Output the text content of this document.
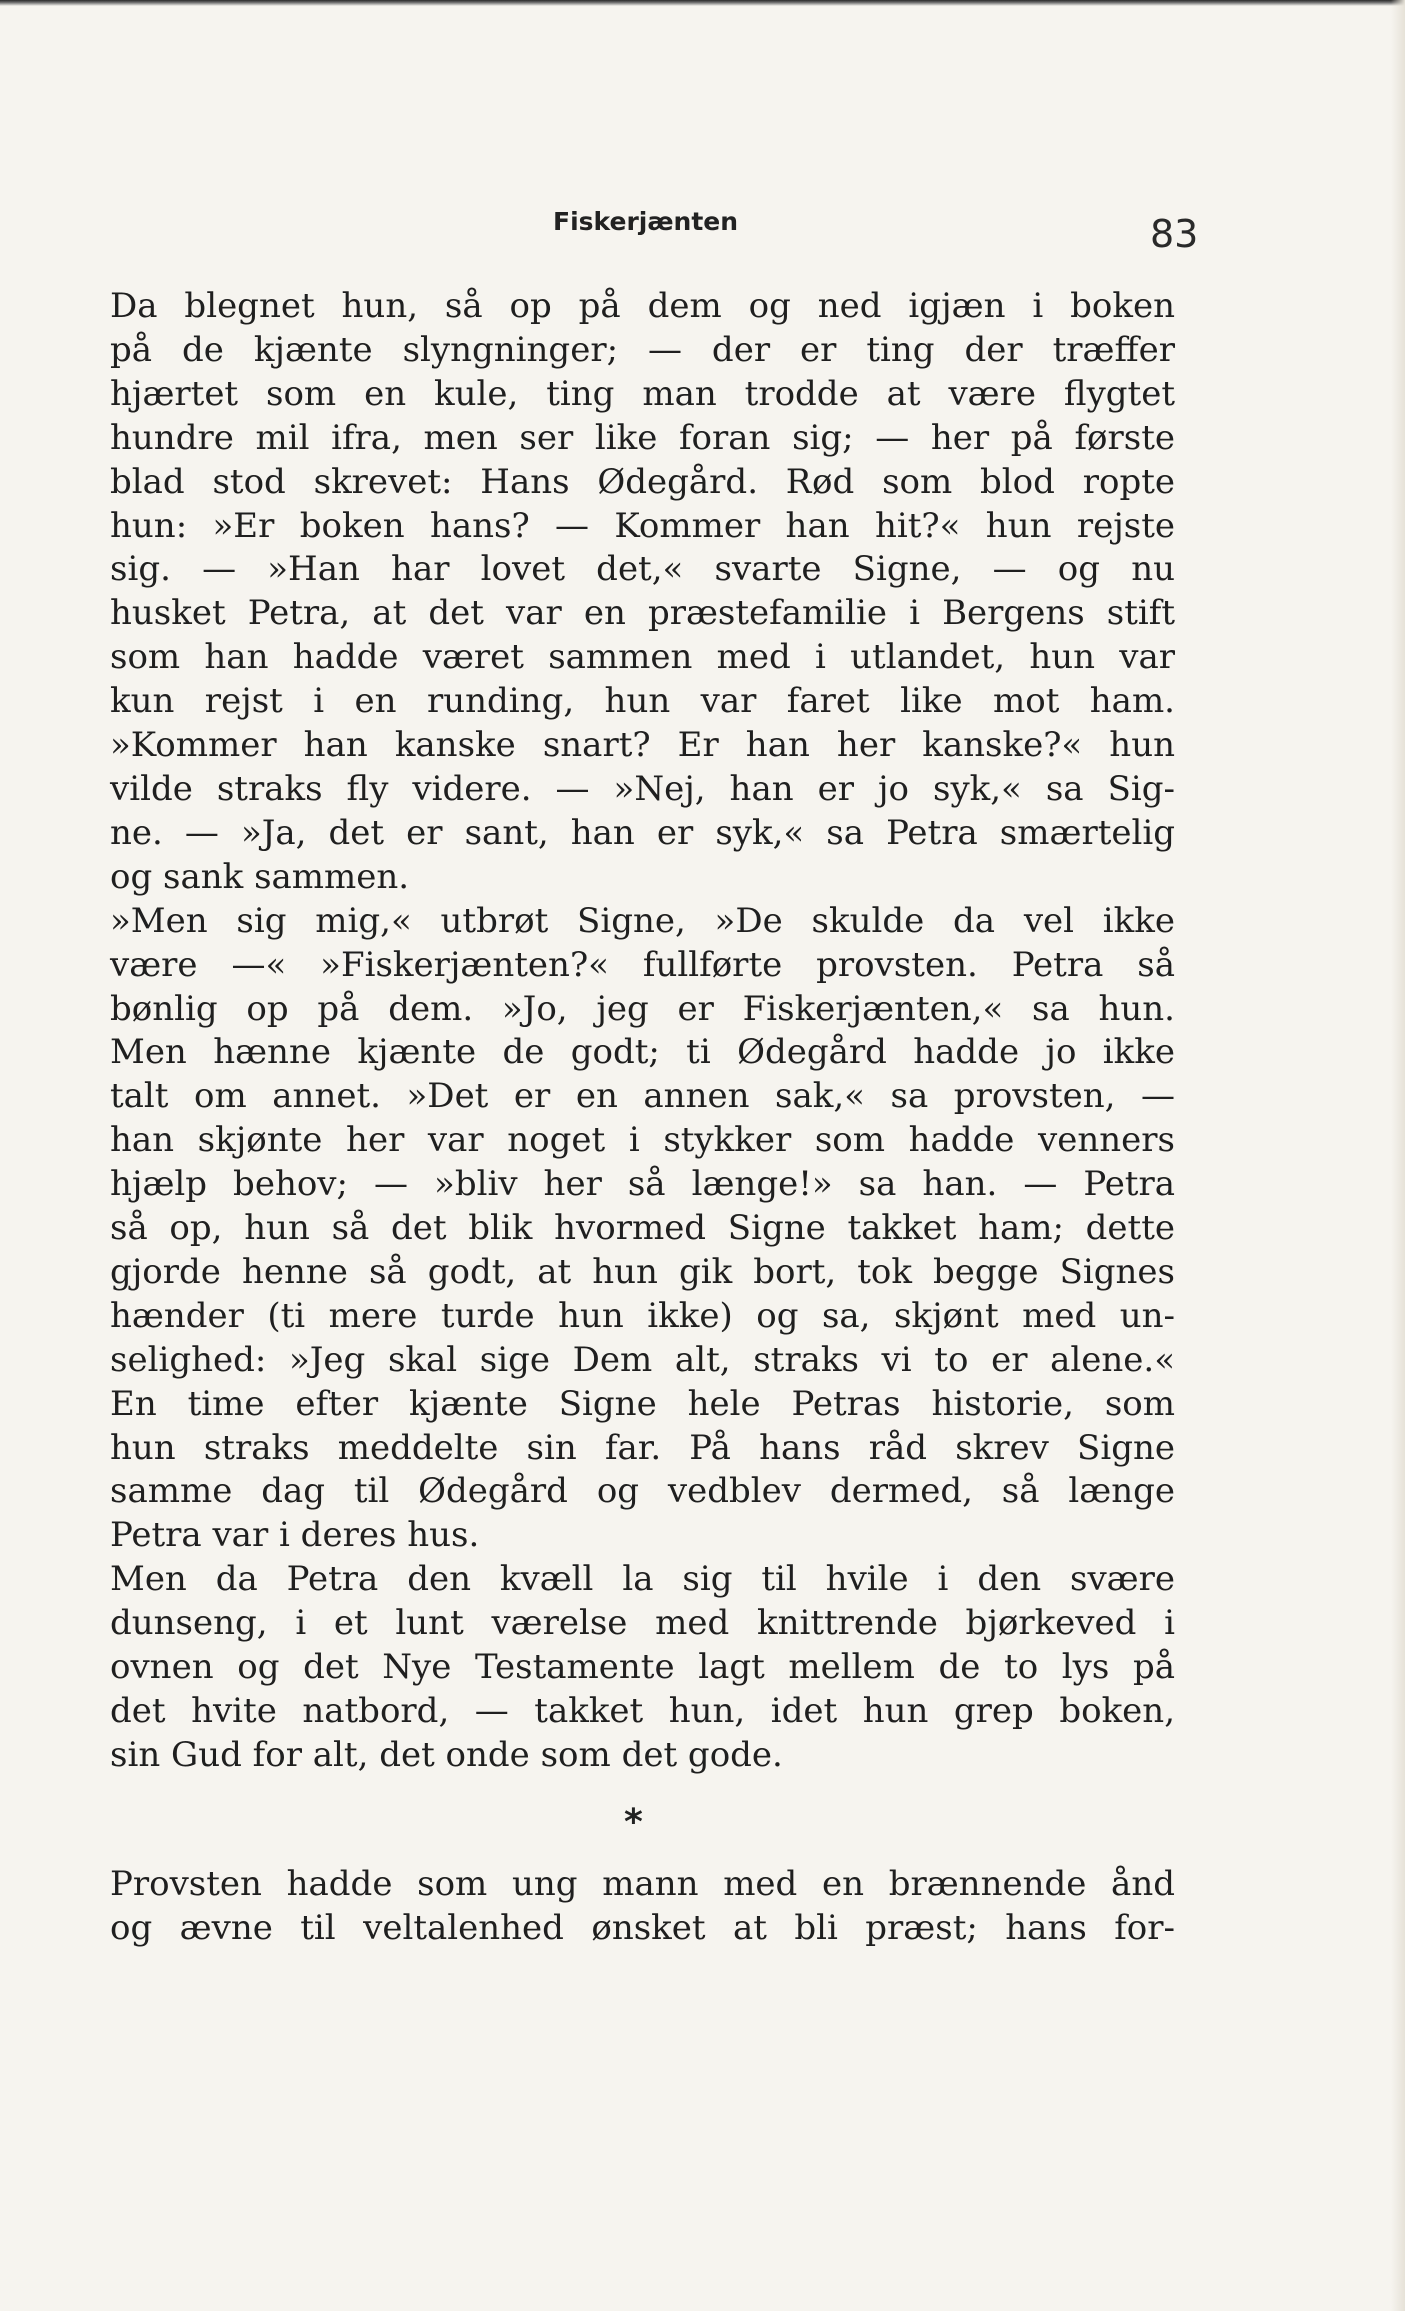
Fiskerjænten	83
Da blegnet hun, så op på dem og ned igjæn i boken
på de kjænte slyngninger; — der er ting der træffer
hjærtet som en kule, ting man trodde at være flygtet
hundre mil ifra, men ser like foran sig; — her på første
blad stod skrevet: Hans Ødegård. Rød som blod ropte
hun: »Er boken hans? — Kommer han hit?« hun rejste
sig. — »Han har lovet det,« svarte Signe, — og nu
husket Petra, at det var en præstefamilie i Bergens stift
som han hadde været sammen med i utlandet, hun var
kun rejst i en runding, hun var faret like mot ham.
»Kommer han kanske snart? Er han her kanske?« hun
vilde straks fly videre. — »Nej, han er jo syk,« sa Sig-
ne. — »Ja, det er sant, han er syk,« sa Petra smærtelig
og sank sammen.
»Men sig mig,« utbrøt Signe, »De skulde da vel ikke
være —« »Fiskerjænten?« fullførte provsten. Petra så
bønlig op på dem. »Jo, jeg er Fiskerjænten,« sa hun.
Men hænne kjænte de godt; ti Ødegård hadde jo ikke
talt om annet. »Det er en annen sak,« sa provsten, —
han skjønte her var noget i stykker som hadde venners
hjælp behov; — »bliv her så længe!» sa han. — Petra
så op, hun så det blik hvormed Signe takket ham; dette
gjorde henne så godt, at hun gik bort, tok begge Signes
hænder (ti mere turde hun ikke) og sa, skjønt med un-
selighed: »Jeg skal sige Dem alt, straks vi to er alene.«
En time efter kjænte Signe hele Petras historie, som
hun straks meddelte sin far. På hans råd skrev Signe
samme dag til Ødegård og vedblev dermed, så længe
Petra var i deres hus.
Men da Petra den kvæll la sig til hvile i den svære
dunseng, i et lunt værelse med knittrende bjørkeved i
ovnen og det Nye Testamente lagt mellem de to lys på
det hvite natbord, — takket hun, idet hun grep boken,
sin Gud for alt, det onde som det gode.
*
Provsten hadde som ung mann med en brænnende ånd
og ævne til veltalenhed ønsket at bli præst; hans for-
